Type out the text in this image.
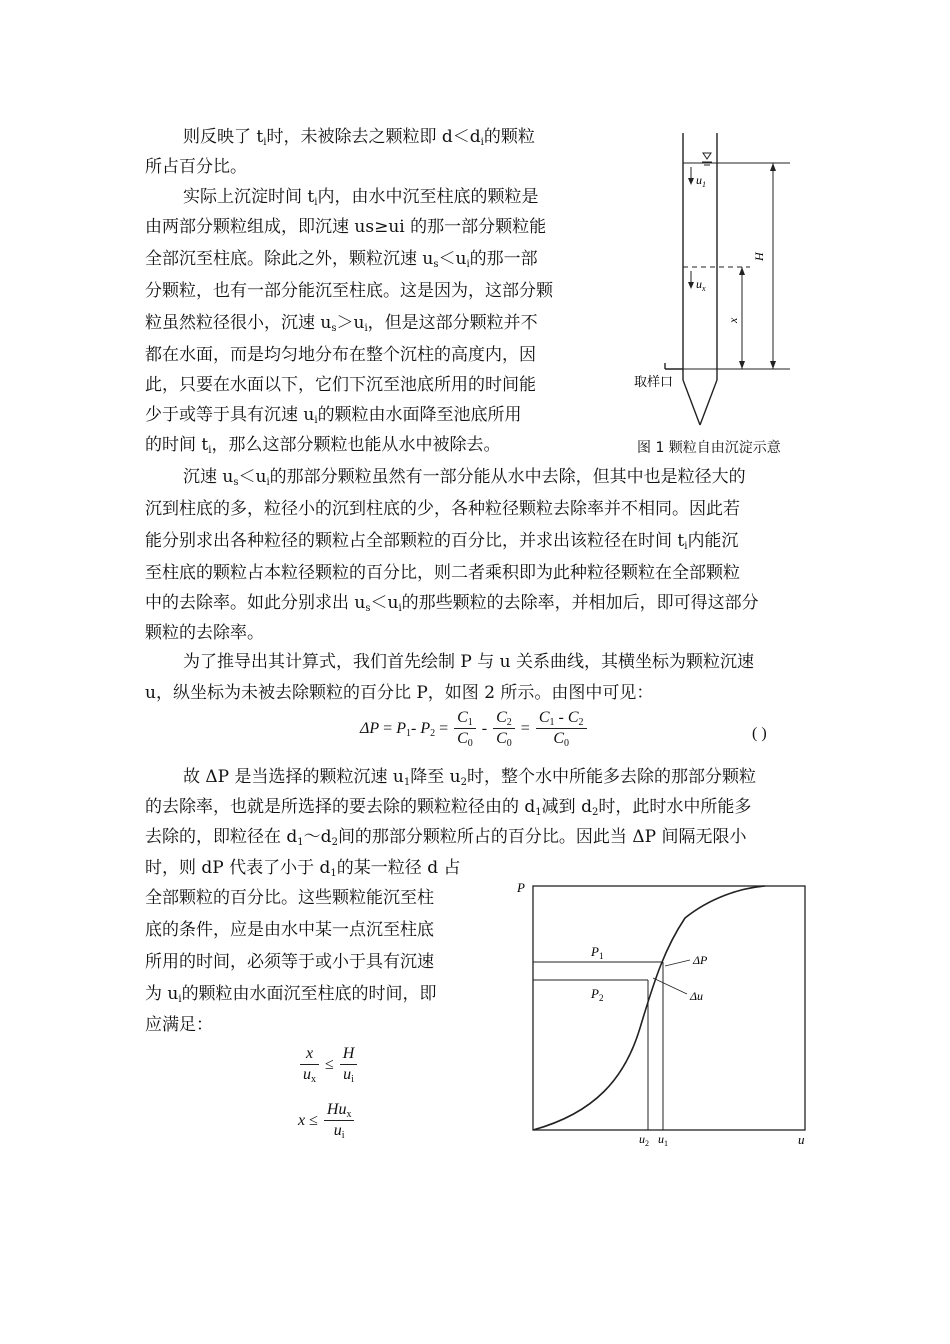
则反映了 $t_i$时，未被除去之颗粒即 $d<d_i$的颗粒
所占百分比。
实际上沉淀时间 $t_i$内，由水中沉至柱底的颗粒是
由两部分颗粒组成，即沉速 us≥ui 的那一部分颗粒能
全部沉至柱底。除此之外，颗粒沉速 $u_s<u_i$的那一部
分颗粒，也有一部分能沉至柱底。这是因为，这部分颗
粒虽然粒径很小，沉速 $u_s>u_i$，但是这部分颗粒并不
都在水面，而是均匀地分布在整个沉柱的高度内，因
此，只要在水面以下，它们下沉至池底所用的时间能
少于或等于具有沉速 $u_i$的颗粒由水面降至池底所用
的时间 $t_i$，那么这部分颗粒也能从水中被除去。
$u_1$
$u_x$
H
x
取样口
图 1 颗粒自由沉淀示意
沉速 $u_s<u_i$的那部分颗粒虽然有一部分能从水中去除，但其中也是粒径大的
沉到柱底的多，粒径小的沉到柱底的少，各种粒径颗粒去除率并不相同。因此若
能分别求出各种粒径的颗粒占全部颗粒的百分比，并求出该粒径在时间 $t_i$内能沉
至柱底的颗粒占本粒径颗粒的百分比，则二者乘积即为此种粒径颗粒在全部颗粒
中的去除率。如此分别求出 $u_s<u_i$的那些颗粒的去除率，并相加后，即可得这部分
颗粒的去除率。
为了推导出其计算式，我们首先绘制 P 与 u 关系曲线，其横坐标为颗粒沉速
u，纵坐标为未被去除颗粒的百分比 P，如图 2 所示。由图中可见：
$\Delta P = P_1-$ $P_2 = \frac{C_1}{C_0} - \frac{C_2}{C_0} = \frac{C_1 - C_2}{C_0}$	( )
故 ΔP 是当选择的颗粒沉速 $u_1$降至 $u_2$时，整个水中所能多去除的那部分颗粒
的去除率，也就是所选择的要去除的颗粒粒径由的 $d_1$减到 $d_2$时，此时水中所能多
去除的，即粒径在 $d_1\sim d_2$间的那部分颗粒所占的百分比。因此当 ΔP 间隔无限小
时，则 dP 代表了小于 $d_1$的某一粒径 d 占
全部颗粒的百分比。这些颗粒能沉至柱
底的条件，应是由水中某一点沉至柱底
所用的时间，必须等于或小于具有沉速
为 $u_i$的颗粒由水面沉至柱底的时间，即
应满足：
$\frac{x}{u_x} \le \frac{H}{u_i}$
$x \le \frac{Hu_x}{u_i}$
P
u
$P_1$
$P_2$
ΔP
Δu
$u_2$ $u_1$
